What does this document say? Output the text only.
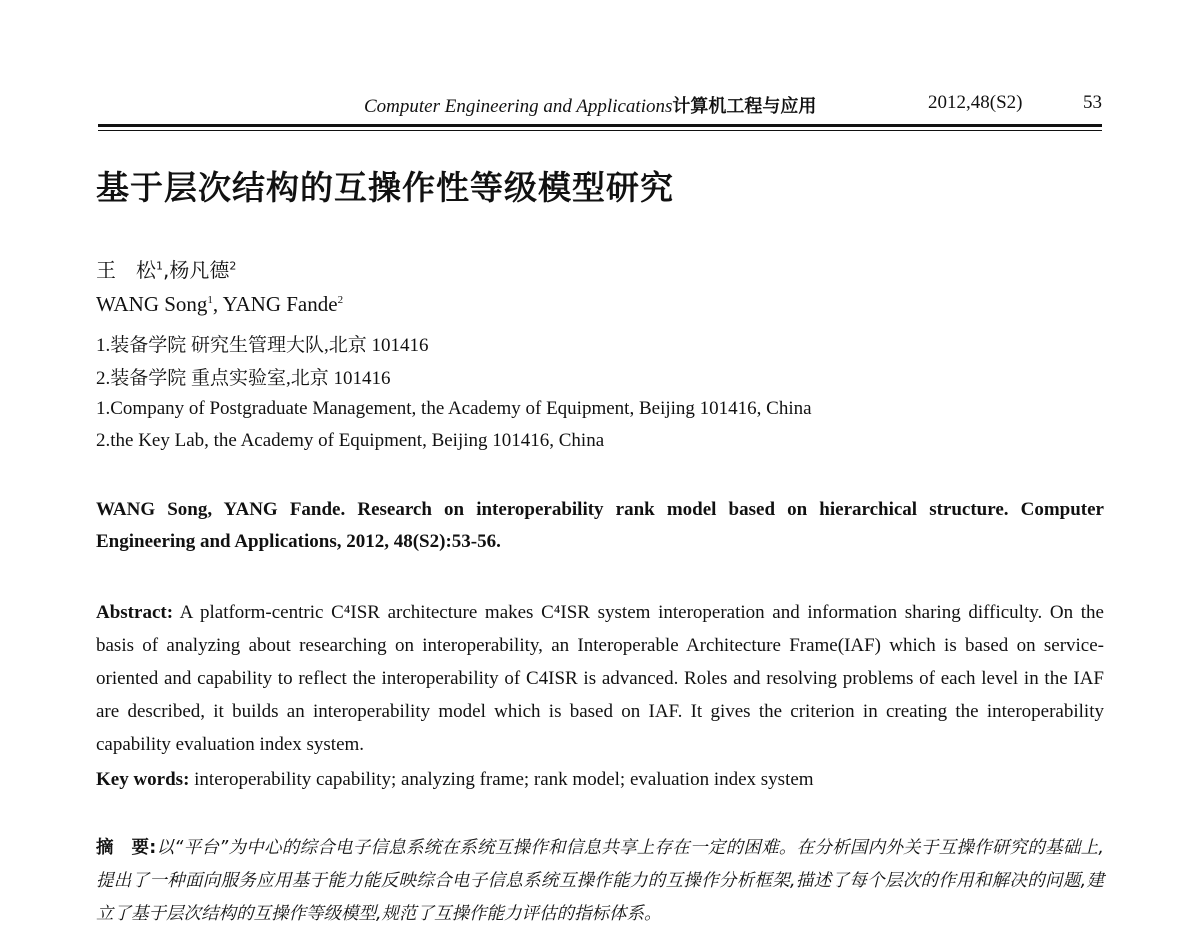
Computer Engineering and Applications计算机工程与应用	2012,48(S2)	53
基于层次结构的互操作性等级模型研究
王　松$^1$,杨凡德$^2$
WANG Song$^1$, YANG Fande$^2$
1.装备学院 研究生管理大队,北京 101416
2.装备学院 重点实验室,北京 101416
1.Company of Postgraduate Management, the Academy of Equipment, Beijing 101416, China
2.the Key Lab, the Academy of Equipment, Beijing 101416, China
WANG Song, YANG Fande. Research on interoperability rank model based on hierarchical structure. Computer Engineering and Applications, 2012, 48(S2):53-56.
Abstract: A platform-centric C⁴ISR architecture makes C⁴ISR system interoperation and information sharing difficulty. On the basis of analyzing about researching on interoperability, an Interoperable Architecture Frame(IAF) which is based on service-oriented and capability to reflect the interoperability of C4ISR is advanced. Roles and resolving problems of each level in the IAF are described, it builds an interoperability model which is based on IAF. It gives the criterion in creating the interoperability capability evaluation index system.
Key words: interoperability capability; analyzing frame; rank model; evaluation index system
摘　要:以“平台”为中心的综合电子信息系统在系统互操作和信息共享上存在一定的困难。在分析国内外关于互操作研究的基础上,提出了一种面向服务应用基于能力能反映综合电子信息系统互操作能力的互操作分析框架,描述了每个层次的作用和解决的问题,建立了基于层次结构的互操作等级模型,规范了互操作能力评估的指标体系。
